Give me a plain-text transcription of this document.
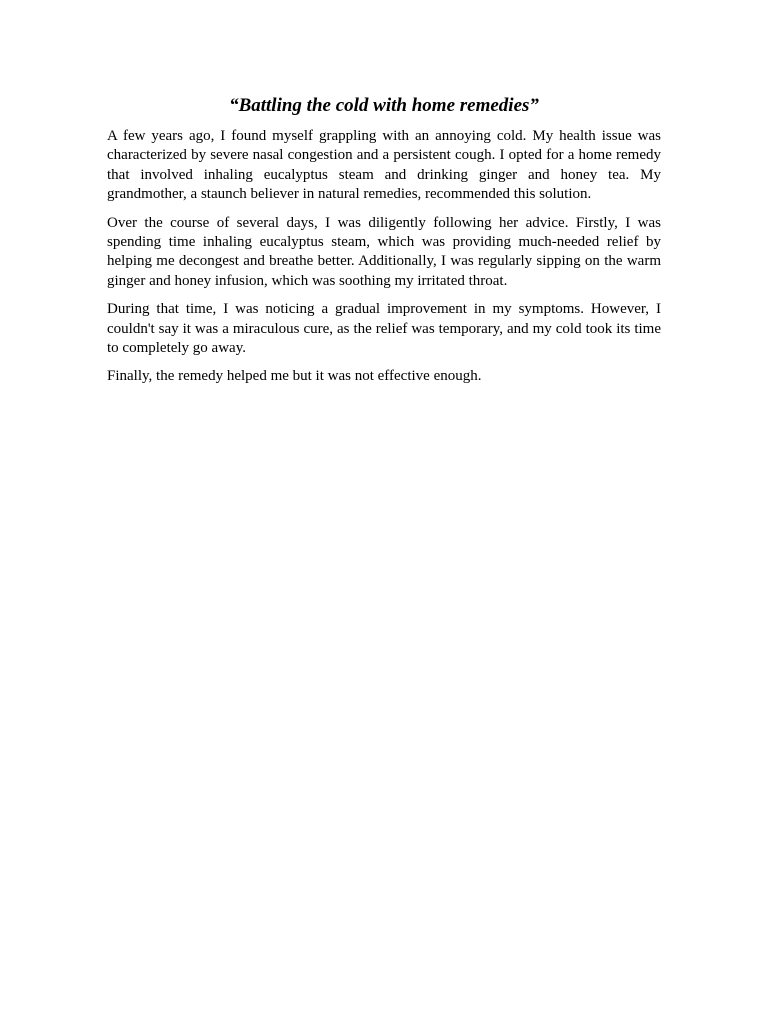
“Battling the cold with home remedies”

A few years ago, I found myself grappling with an annoying cold. My health issue was characterized by severe nasal congestion and a persistent cough. I opted for a home remedy that involved inhaling eucalyptus steam and drinking ginger and honey tea. My grandmother, a staunch believer in natural remedies, recommended this solution.

Over the course of several days, I was diligently following her advice. Firstly, I was spending time inhaling eucalyptus steam, which was providing much-needed relief by helping me decongest and breathe better. Additionally, I was regularly sipping on the warm ginger and honey infusion, which was soothing my irritated throat.

During that time, I was noticing a gradual improvement in my symptoms. However, I couldn't say it was a miraculous cure, as the relief was temporary, and my cold took its time to completely go away.

Finally, the remedy helped me but it was not effective enough.
